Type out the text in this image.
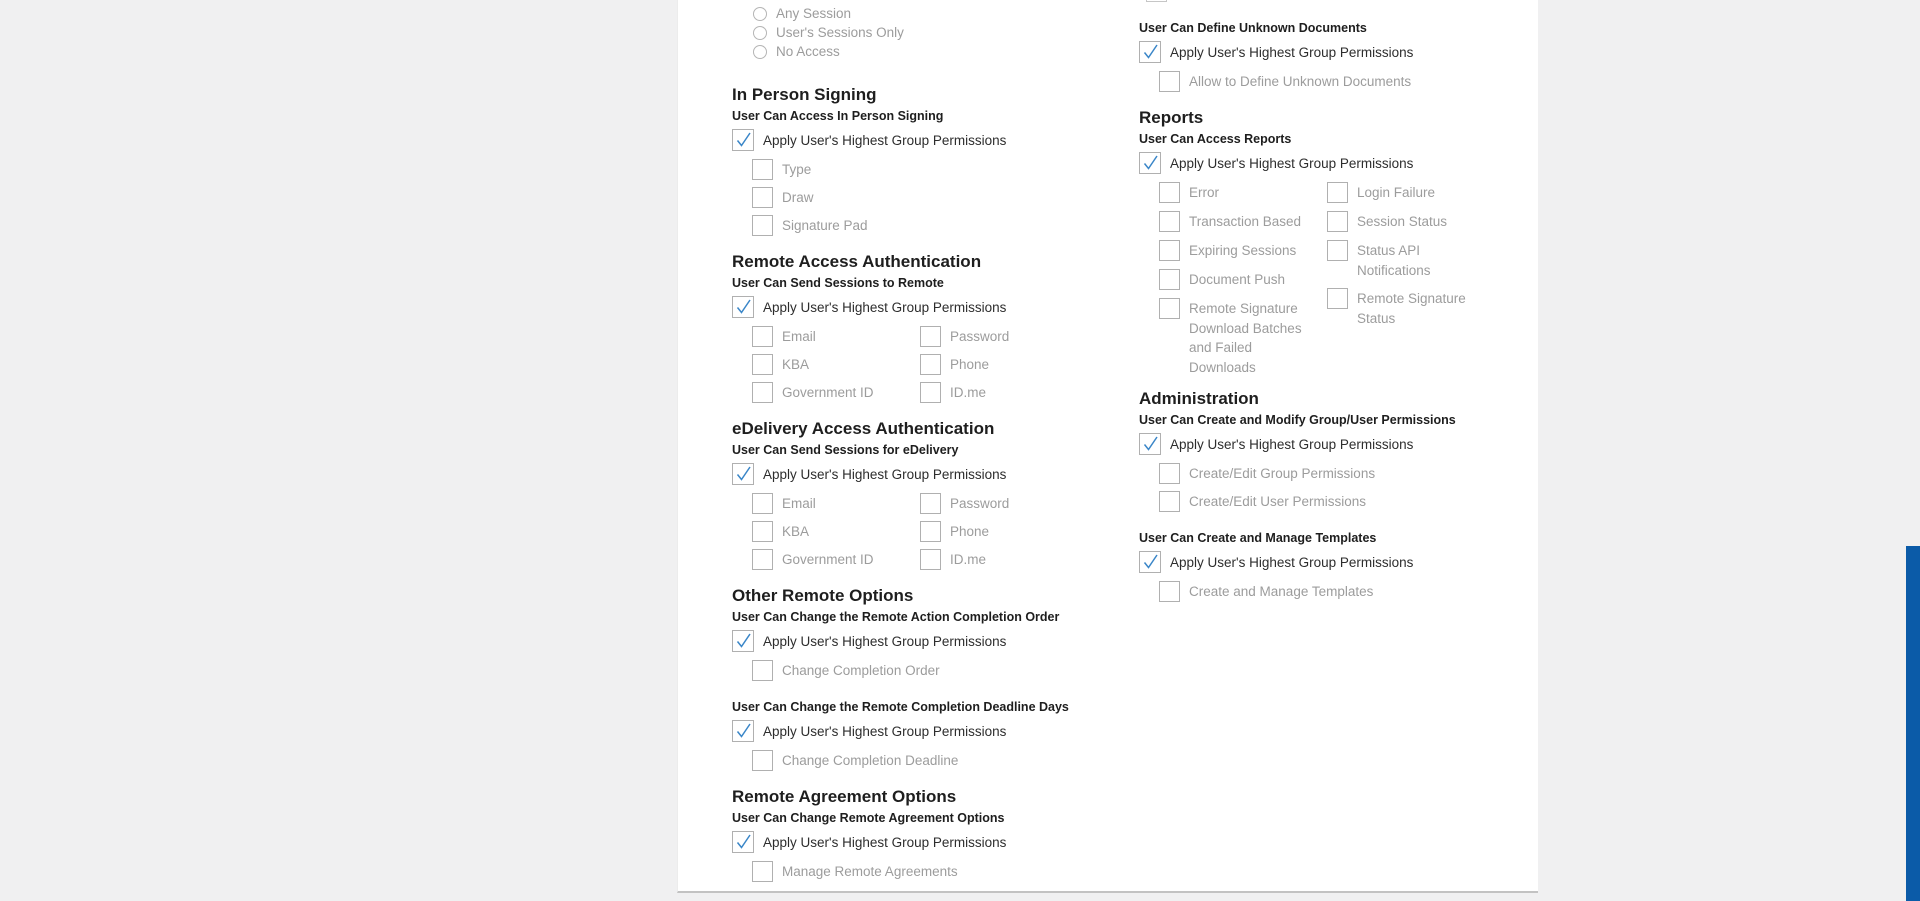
Any Session
User's Sessions Only
No Access
In Person Signing
User Can Access In Person Signing
Apply User's Highest Group Permissions
Type
Draw
Signature Pad
Remote Access Authentication
User Can Send Sessions to Remote
Apply User's Highest Group Permissions
Email
KBA
Government ID
Password
Phone
ID.me
eDelivery Access Authentication
User Can Send Sessions for eDelivery
Apply User's Highest Group Permissions
Email
KBA
Government ID
Password
Phone
ID.me
Other Remote Options
User Can Change the Remote Action Completion Order
Apply User's Highest Group Permissions
Change Completion Order
User Can Change the Remote Completion Deadline Days
Apply User's Highest Group Permissions
Change Completion Deadline
Remote Agreement Options
User Can Change Remote Agreement Options
Apply User's Highest Group Permissions
Manage Remote Agreements
User Can Define Unknown Documents
Apply User's Highest Group Permissions
Allow to Define Unknown Documents
Reports
User Can Access Reports
Apply User's Highest Group Permissions
Error
Transaction Based
Expiring Sessions
Document Push
Remote Signature Download Batches and Failed Downloads
Login Failure
Session Status
Status API Notifications
Remote Signature Status
Administration
User Can Create and Modify Group/User Permissions
Apply User's Highest Group Permissions
Create/Edit Group Permissions
Create/Edit User Permissions
User Can Create and Manage Templates
Apply User's Highest Group Permissions
Create and Manage Templates
